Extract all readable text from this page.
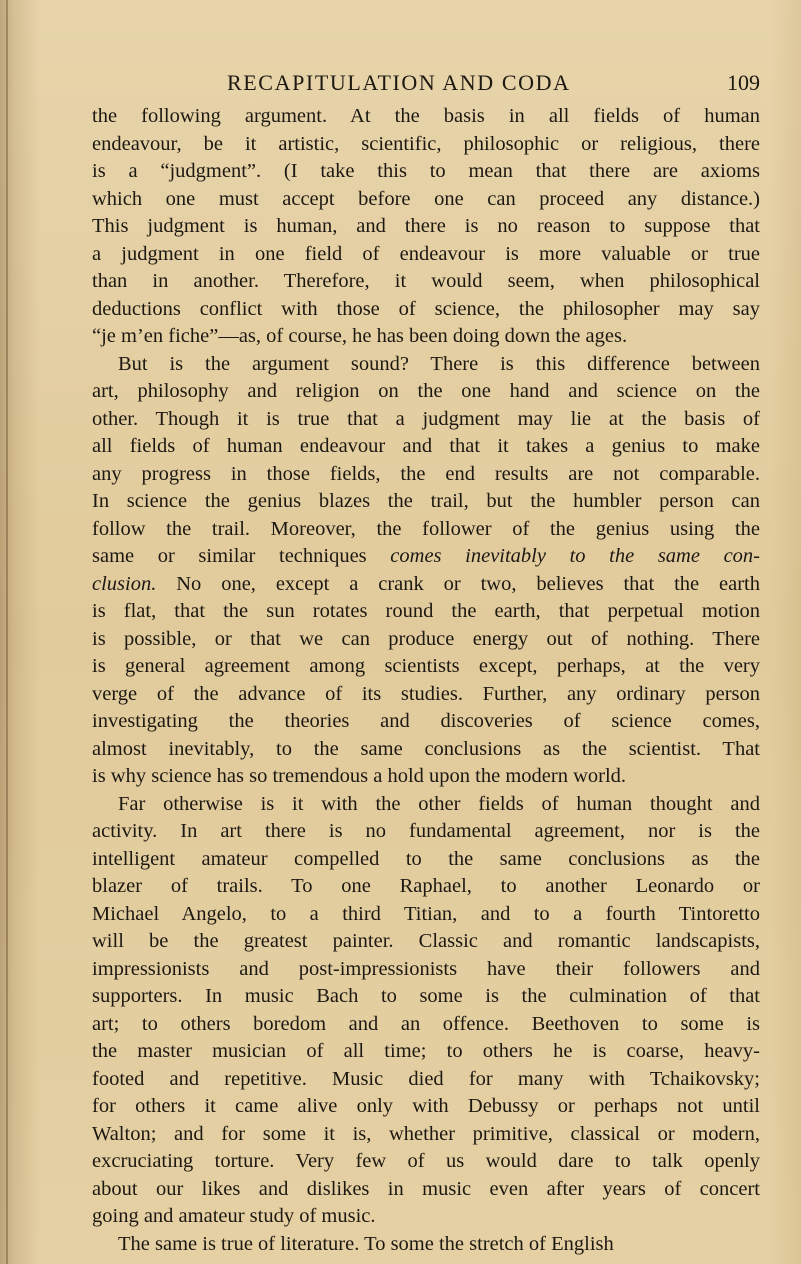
RECAPITULATION AND CODA	109
the following argument. At the basis in all fields of human
endeavour, be it artistic, scientific, philosophic or religious, there
is a “judgment”. (I take this to mean that there are axioms
which one must accept before one can proceed any distance.)
This judgment is human, and there is no reason to suppose that
a judgment in one field of endeavour is more valuable or true
than in another. Therefore, it would seem, when philosophical
deductions conflict with those of science, the philosopher may say
“je m’en fiche”—as, of course, he has been doing down the ages.
But is the argument sound? There is this difference between
art, philosophy and religion on the one hand and science on the
other. Though it is true that a judgment may lie at the basis of
all fields of human endeavour and that it takes a genius to make
any progress in those fields, the end results are not comparable.
In science the genius blazes the trail, but the humbler person can
follow the trail. Moreover, the follower of the genius using the
same or similar techniques comes inevitably to the same con-
clusion. No one, except a crank or two, believes that the earth
is flat, that the sun rotates round the earth, that perpetual motion
is possible, or that we can produce energy out of nothing. There
is general agreement among scientists except, perhaps, at the very
verge of the advance of its studies. Further, any ordinary person
investigating the theories and discoveries of science comes,
almost inevitably, to the same conclusions as the scientist. That
is why science has so tremendous a hold upon the modern world.
Far otherwise is it with the other fields of human thought and
activity. In art there is no fundamental agreement, nor is the
intelligent amateur compelled to the same conclusions as the
blazer of trails. To one Raphael, to another Leonardo or
Michael Angelo, to a third Titian, and to a fourth Tintoretto
will be the greatest painter. Classic and romantic landscapists,
impressionists and post-impressionists have their followers and
supporters. In music Bach to some is the culmination of that
art; to others boredom and an offence. Beethoven to some is
the master musician of all time; to others he is coarse, heavy-
footed and repetitive. Music died for many with Tchaikovsky;
for others it came alive only with Debussy or perhaps not until
Walton; and for some it is, whether primitive, classical or modern,
excruciating torture. Very few of us would dare to talk openly
about our likes and dislikes in music even after years of concert
going and amateur study of music.
The same is true of literature. To some the stretch of English
